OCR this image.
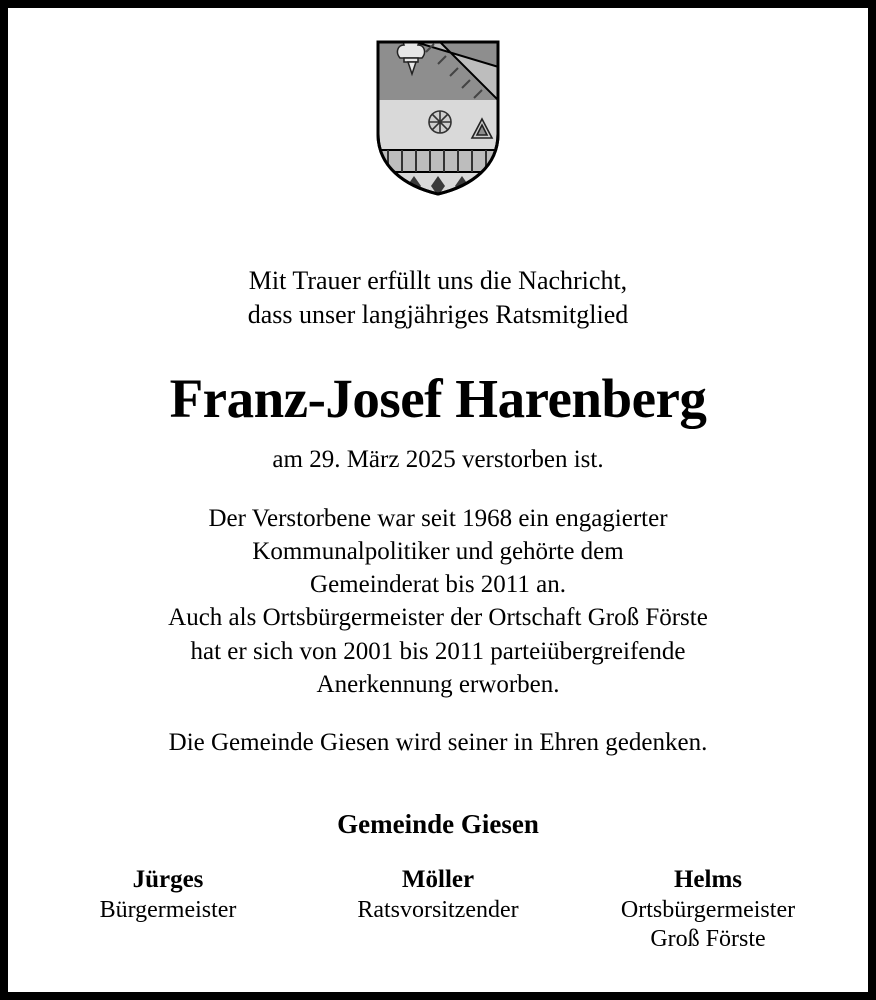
Mit Trauer erfüllt uns die Nachricht,
dass unser langjähriges Ratsmitglied
Franz-Josef Harenberg
am 29. März 2025 verstorben ist.
Der Verstorbene war seit 1968 ein engagierter
Kommunalpolitiker und gehörte dem
Gemeinderat bis 2011 an.
Auch als Ortsbürgermeister der Ortschaft Groß Förste
hat er sich von 2001 bis 2011 parteiübergreifende
Anerkennung erworben.
Die Gemeinde Giesen wird seiner in Ehren gedenken.
Gemeinde Giesen
Jürges
Bürgermeister
Möller
Ratsvorsitzender
Helms
Ortsbürgermeister
Groß Förste
